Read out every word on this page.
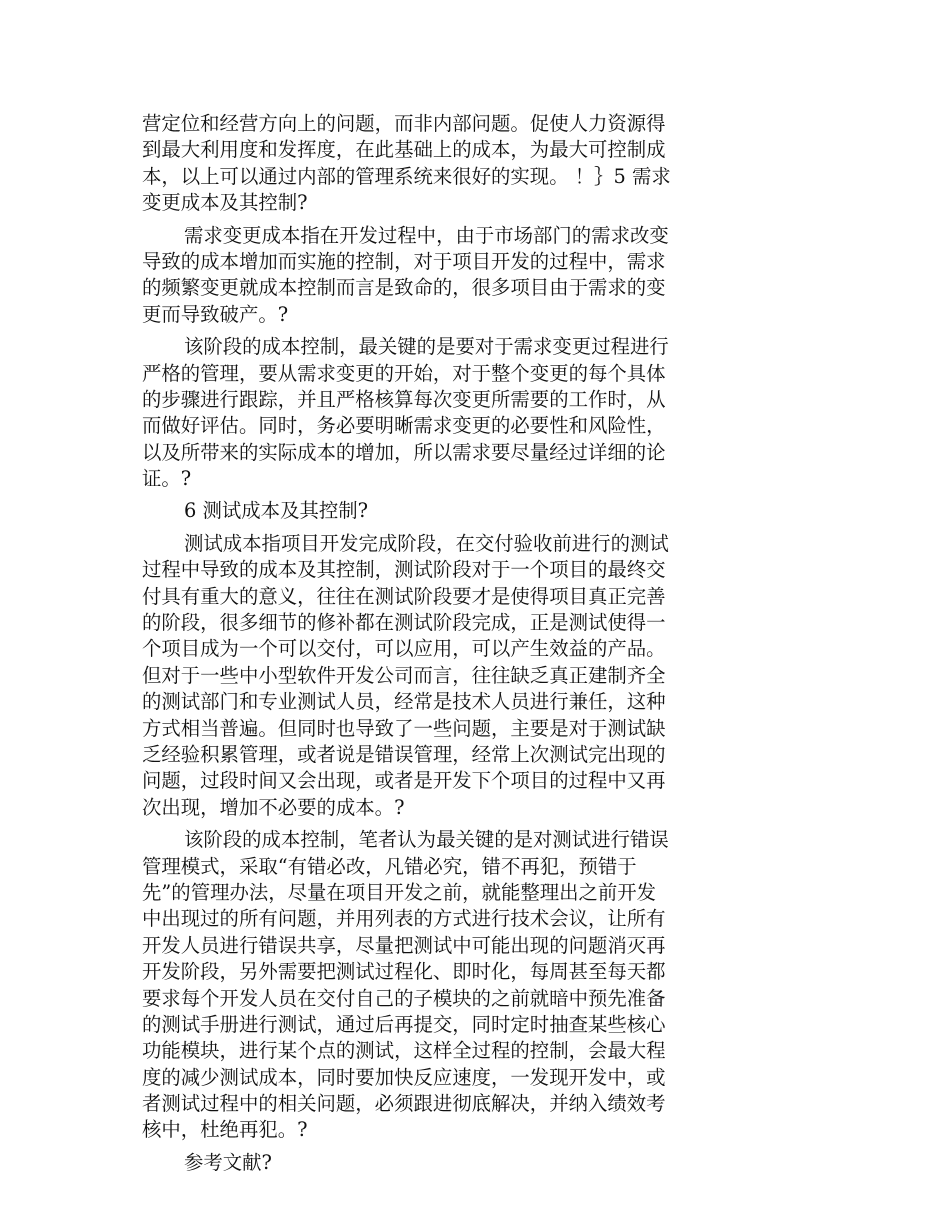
营定位和经营方向上的问题，而非内部问题。促使人力资源得
到最大利用度和发挥度，在此基础上的成本，为最大可控制成
本，以上可以通过内部的管理系统来很好的实现。 ！｝5 需求
变更成本及其控制?

需求变更成本指在开发过程中，由于市场部门的需求改变
导致的成本增加而实施的控制，对于项目开发的过程中，需求
的频繁变更就成本控制而言是致命的，很多项目由于需求的变
更而导致破产。?

该阶段的成本控制，最关键的是要对于需求变更过程进行
严格的管理，要从需求变更的开始，对于整个变更的每个具体
的步骤进行跟踪，并且严格核算每次变更所需要的工作时，从
而做好评估。同时，务必要明晰需求变更的必要性和风险性，
以及所带来的实际成本的增加，所以需求要尽量经过详细的论
证。?

6 测试成本及其控制?

测试成本指项目开发完成阶段，在交付验收前进行的测试
过程中导致的成本及其控制，测试阶段对于一个项目的最终交
付具有重大的意义，往往在测试阶段要才是使得项目真正完善
的阶段，很多细节的修补都在测试阶段完成，正是测试使得一
个项目成为一个可以交付，可以应用，可以产生效益的产品。
但对于一些中小型软件开发公司而言，往往缺乏真正建制齐全
的测试部门和专业测试人员，经常是技术人员进行兼任，这种
方式相当普遍。但同时也导致了一些问题，主要是对于测试缺
乏经验积累管理，或者说是错误管理，经常上次测试完出现的
问题，过段时间又会出现，或者是开发下个项目的过程中又再
次出现，增加不必要的成本。?

该阶段的成本控制，笔者认为最关键的是对测试进行错误
管理模式，采取“有错必改，凡错必究，错不再犯，预错于
先”的管理办法，尽量在项目开发之前，就能整理出之前开发
中出现过的所有问题，并用列表的方式进行技术会议，让所有
开发人员进行错误共享，尽量把测试中可能出现的问题消灭再
开发阶段，另外需要把测试过程化、即时化，每周甚至每天都
要求每个开发人员在交付自己的子模块的之前就暗中预先准备
的测试手册进行测试，通过后再提交，同时定时抽查某些核心
功能模块，进行某个点的测试，这样全过程的控制，会最大程
度的减少测试成本，同时要加快反应速度，一发现开发中，或
者测试过程中的相关问题，必须跟进彻底解决，并纳入绩效考
核中，杜绝再犯。?

参考文献?
